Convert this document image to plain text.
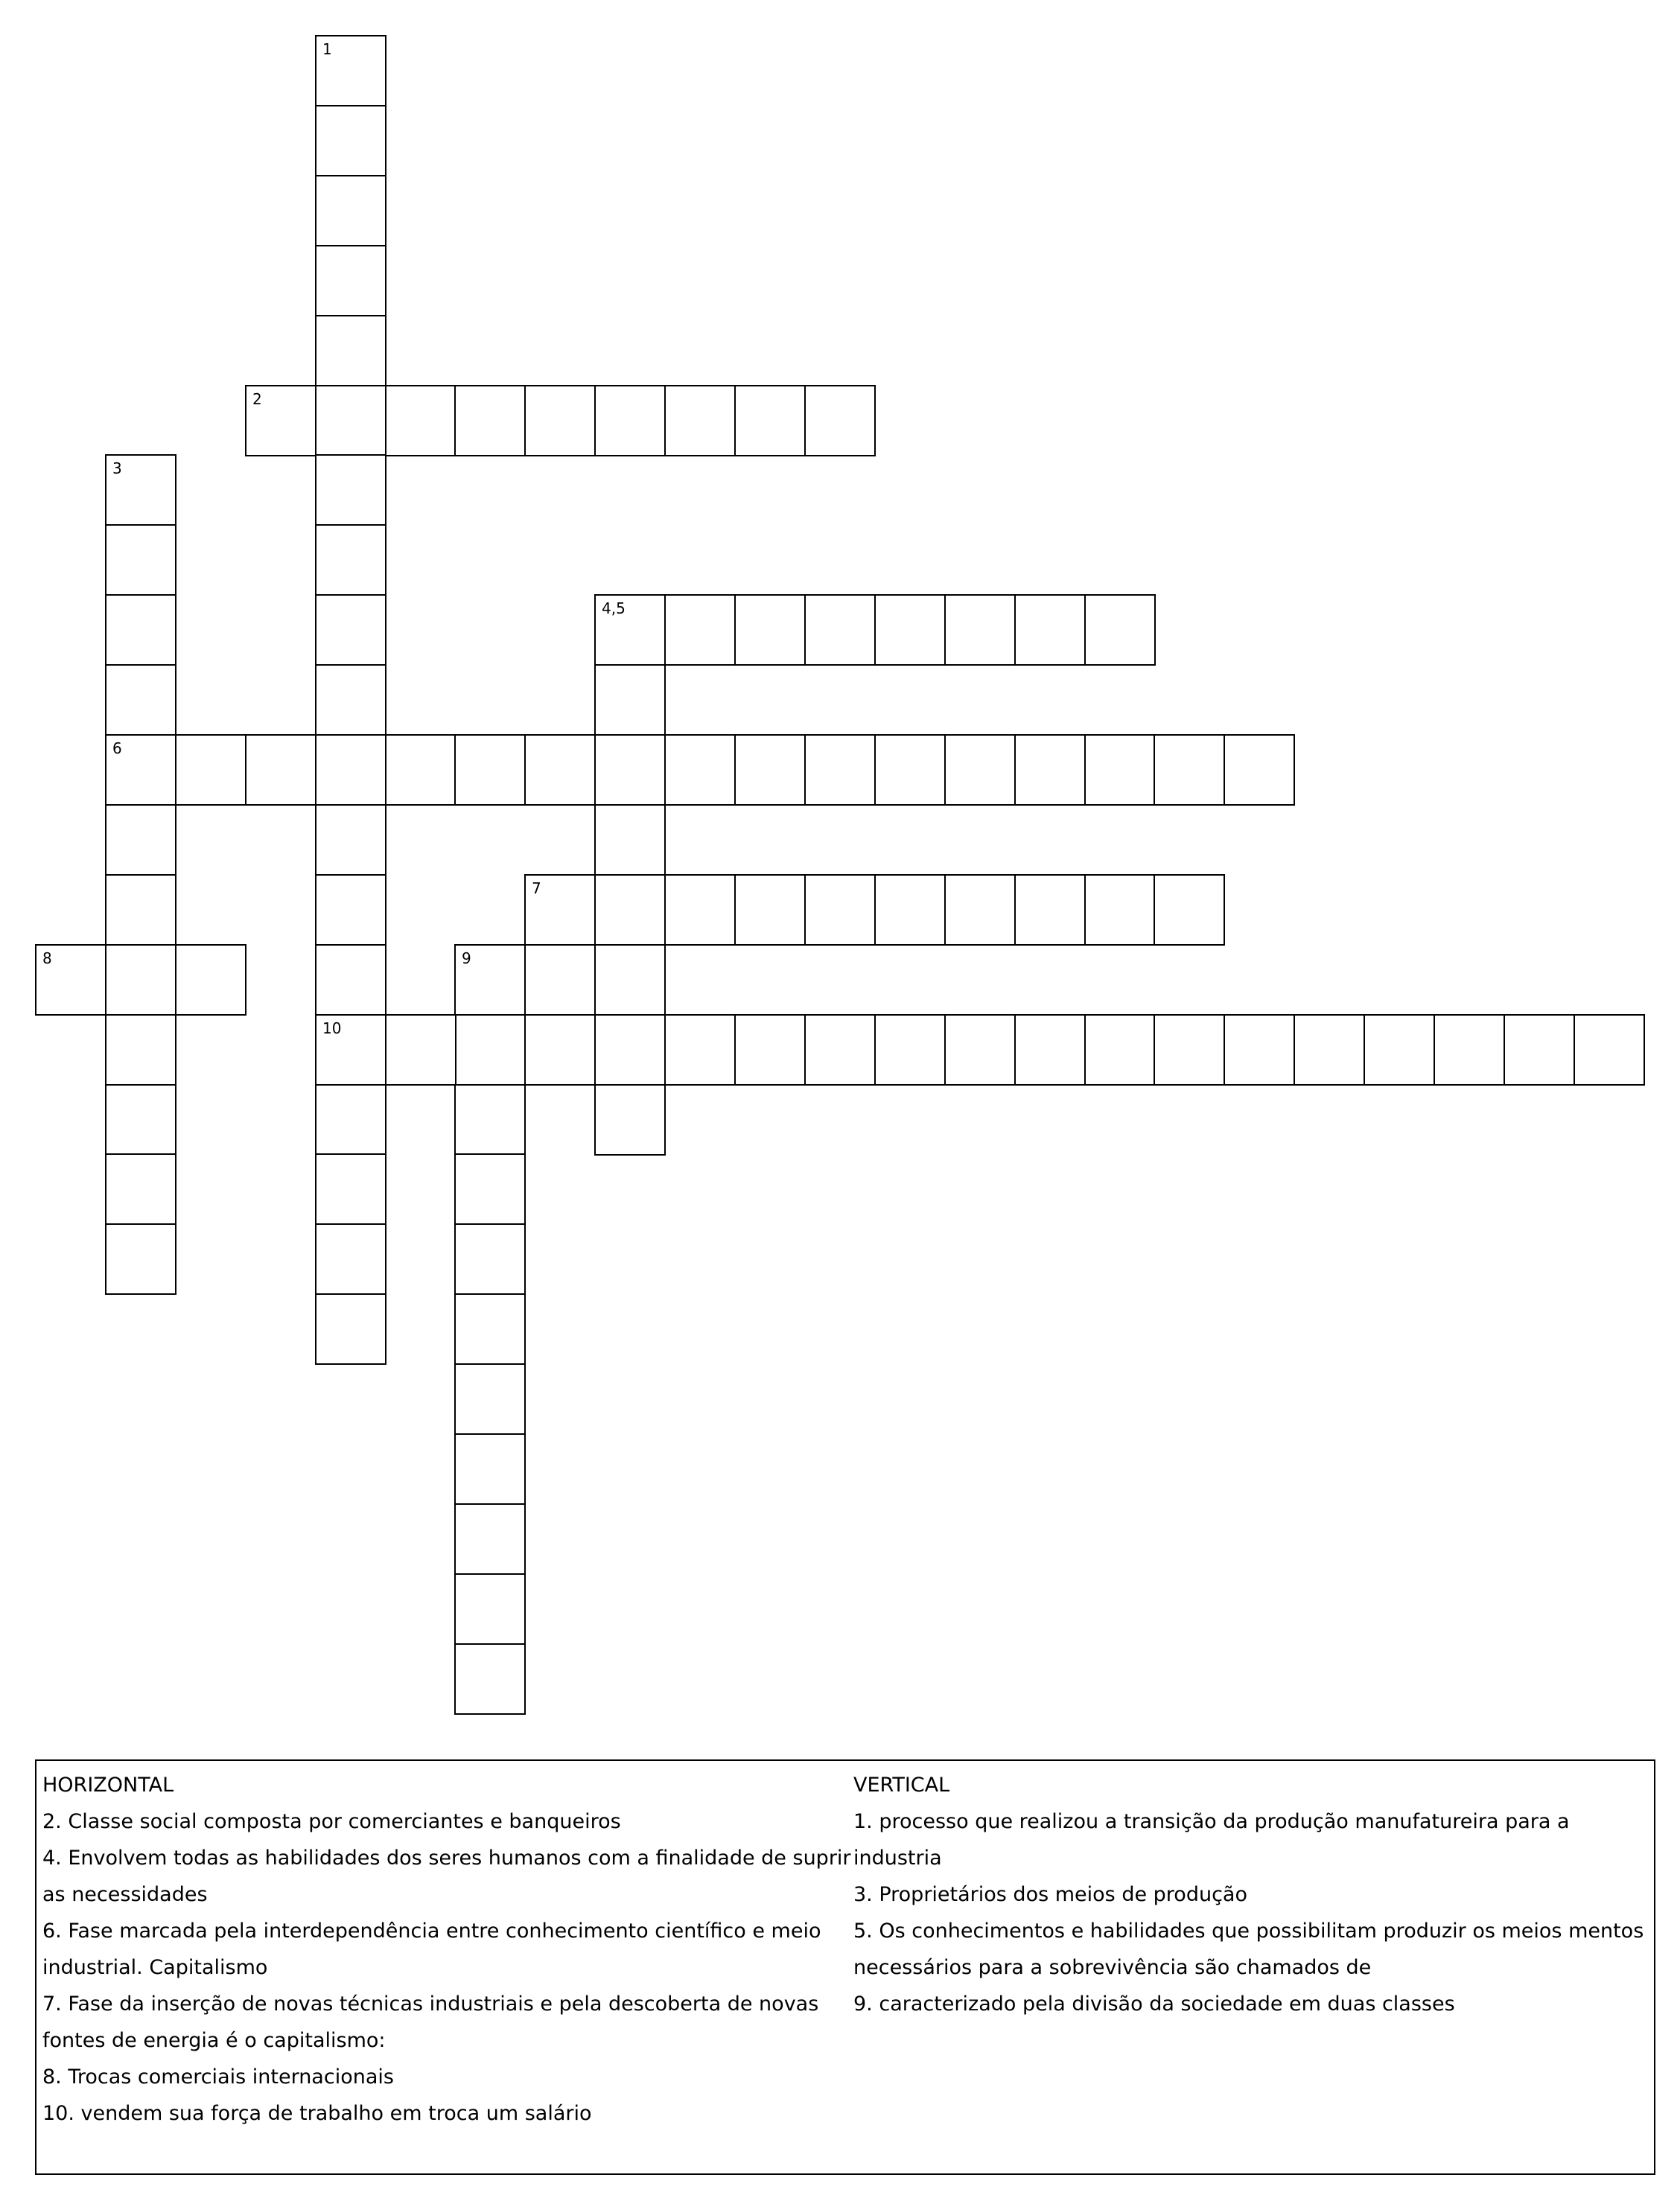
1
10
2
3
6
4,5
7
8	9
HORIZONTAL
2. Classe social composta por comerciantes e banqueiros
4. Envolvem todas as habilidades dos seres humanos com a finalidade de suprir
as necessidades
6. Fase marcada pela interdependência entre conhecimento científico e meio
industrial. Capitalismo
7. Fase da inserção de novas técnicas industriais e pela descoberta de novas
fontes de energia é o capitalismo:
8. Trocas comerciais internacionais
10. vendem sua força de trabalho em troca um salário
VERTICAL
1. processo que realizou a transição da produção manufatureira para a
industria
3. Proprietários dos meios de produção
5. Os conhecimentos e habilidades que possibilitam produzir os meios mentos
necessários para a sobrevivência são chamados de
9. caracterizado pela divisão da sociedade em duas classes
